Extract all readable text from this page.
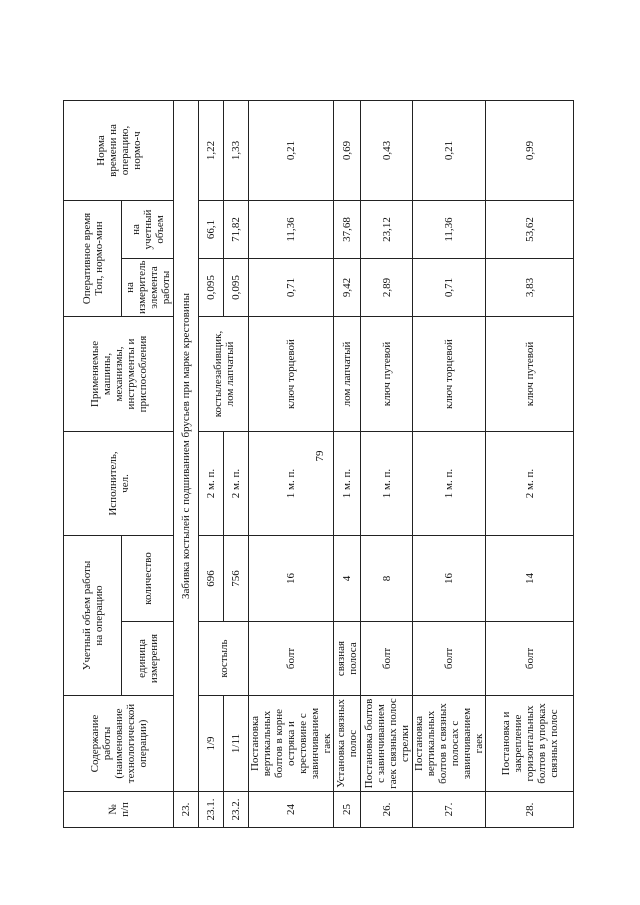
79
№
п/п	Содержание работы
(наименование
технологической
операции)	Учетный объем работы
на операцию		Исполнитель,
чел.	Применяемые
машины,
механизмы,
инструменты и
приспособления	Оперативное время
Топ, нормо-мин		Норма
времени на
операцию,
нормо-ч
		единица
измерения	количество			на
измеритель
элемента
работы	на
учетный
объем	
23.	Забивка костылей с подшиванием брусьев при марке крестовины							
23.1.	1/9	костыль	696	2 м. п.	костылезабивщик,
лом лапчатый	0,095	66,1	1,22
23.2.	1/11		756	2 м. п.		0,095	71,82	1,33
24	Постановка вертикальных болтов в корне остряка и крестовине с завинчиванием гаек	болт	16	1 м. п.	ключ торцевой	0,71	11,36	0,21
25	Установка связных полос	связная полоса	4	1 м. п.	лом лапчатый	9,42	37,68	0,69
26.	Постановка болтов с завинчиванием гаек связных полос стрелки	болт	8	1 м. п.	ключ путевой	2,89	23,12	0,43
27.	Постановка вертикальных болтов в связных полосах с завинчиванием гаек	болт	16	1 м. п.	ключ торцевой	0,71	11,36	0,21
28.	Постановка и закрепление горизонтальных болтов в упорках связных полос	болт	14	2 м. п.	ключ путевой	3,83	53,62	0,99
